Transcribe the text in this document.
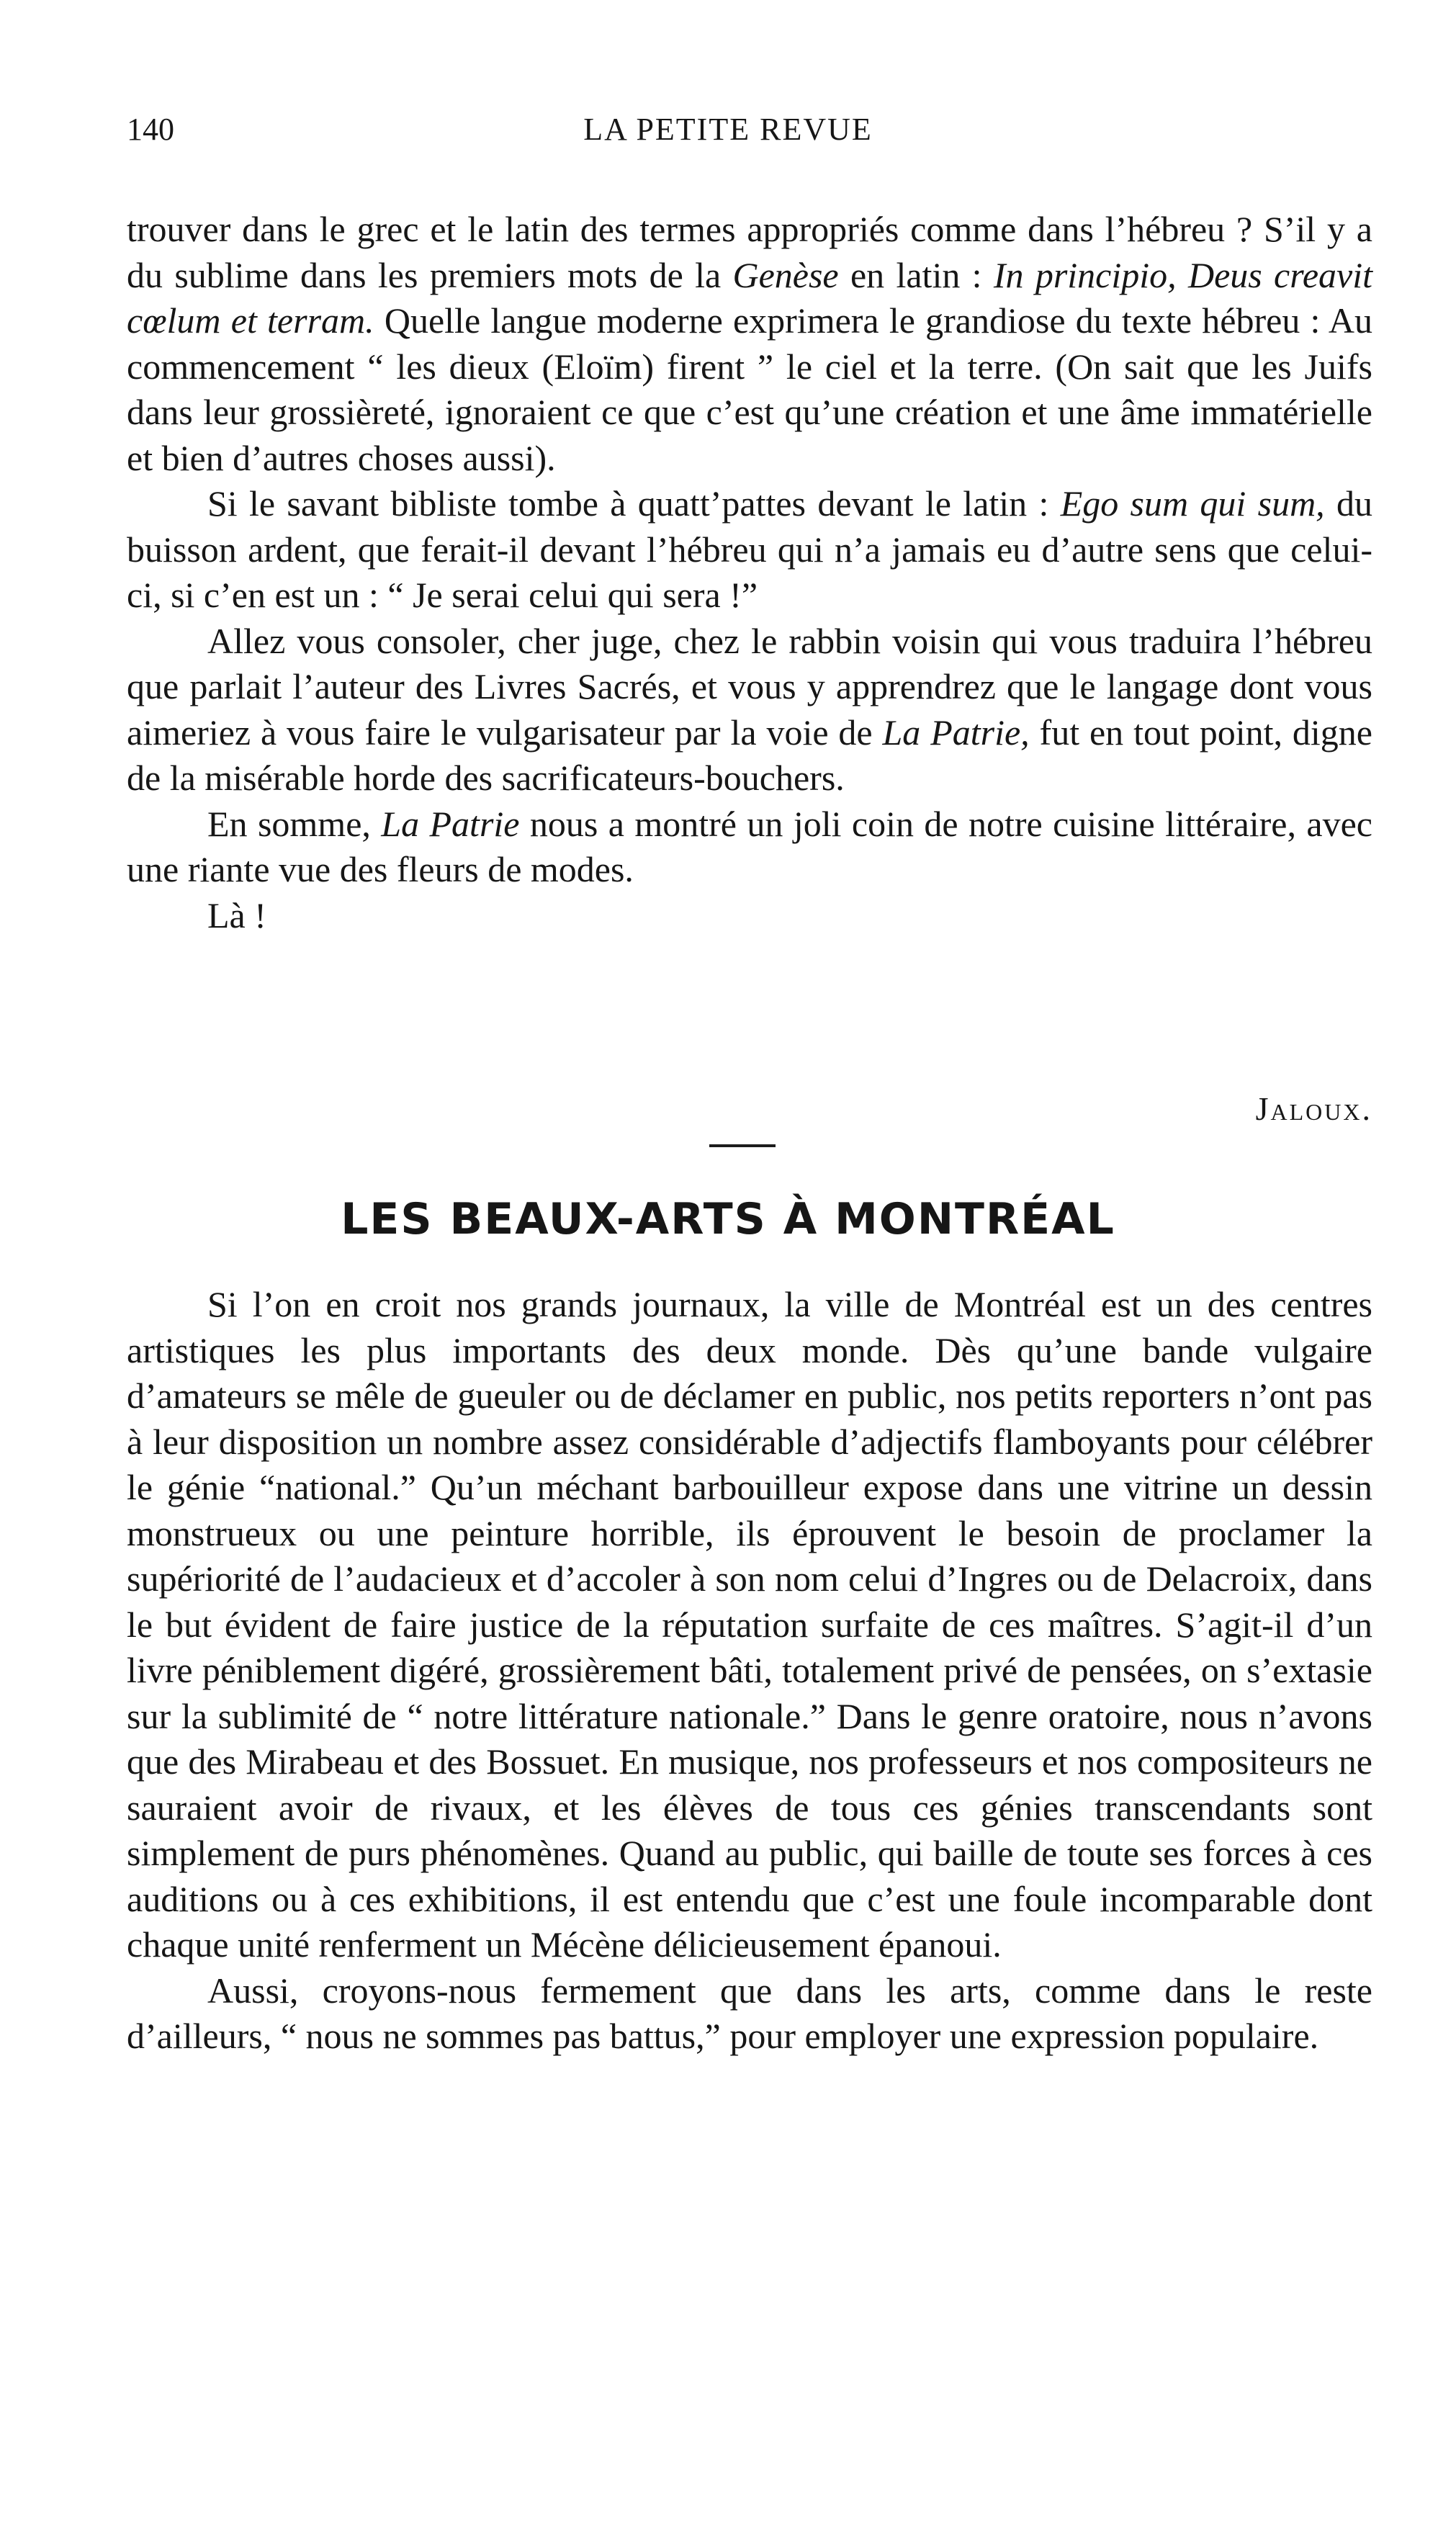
140	LA PETITE REVUE

trouver dans le grec et le latin des termes appropriés comme dans l’hébreu ? S’il y a du sublime dans les premiers mots de la Genèse en latin : In principio, Deus creavit cœlum et terram. Quelle langue moderne exprimera le grandiose du texte hébreu : Au commencement “ les dieux (Eloïm) firent ” le ciel et la terre. (On sait que les Juifs dans leur grossièreté, ignoraient ce que c’est qu’une création et une âme immatérielle et bien d’autres choses aussi).

Si le savant bibliste tombe à quatt’pattes devant le latin : Ego sum qui sum, du buisson ardent, que ferait-il devant l’hébreu qui n’a jamais eu d’autre sens que celui-ci, si c’en est un : “ Je serai celui qui sera !”

Allez vous consoler, cher juge, chez le rabbin voisin qui vous traduira l’hébreu que parlait l’auteur des Livres Sacrés, et vous y apprendrez que le langage dont vous aimeriez à vous faire le vulgarisateur par la voie de La Patrie, fut en tout point, digne de la misérable horde des sacrificateurs-bouchers.

En somme, La Patrie nous a montré un joli coin de notre cuisine littéraire, avec une riante vue des fleurs de modes.

Là !

Jaloux.
LES BEAUX-ARTS À MONTRÉAL

Si l’on en croit nos grands journaux, la ville de Montréal est un des centres artistiques les plus importants des deux monde. Dès qu’une bande vulgaire d’amateurs se mêle de gueuler ou de déclamer en public, nos petits reporters n’ont pas à leur disposition un nombre assez considérable d’adjectifs flamboyants pour célébrer le génie “national.” Qu’un méchant barbouilleur expose dans une vitrine un dessin monstrueux ou une peinture horrible, ils éprouvent le besoin de proclamer la supériorité de l’audacieux et d’accoler à son nom celui d’Ingres ou de Delacroix, dans le but évident de faire justice de la réputation surfaite de ces maîtres. S’agit-il d’un livre péniblement digéré, grossièrement bâti, totalement privé de pensées, on s’extasie sur la sublimité de “ notre littérature nationale.” Dans le genre oratoire, nous n’avons que des Mirabeau et des Bossuet. En musique, nos professeurs et nos compositeurs ne sauraient avoir de rivaux, et les élèves de tous ces génies transcendants sont simplement de purs phénomènes. Quand au public, qui baille de toute ses forces à ces auditions ou à ces exhibitions, il est entendu que c’est une foule incomparable dont chaque unité renferment un Mécène délicieusement épanoui.

Aussi, croyons-nous fermement que dans les arts, comme dans le reste d’ailleurs, “ nous ne sommes pas battus,” pour employer une expression populaire.
